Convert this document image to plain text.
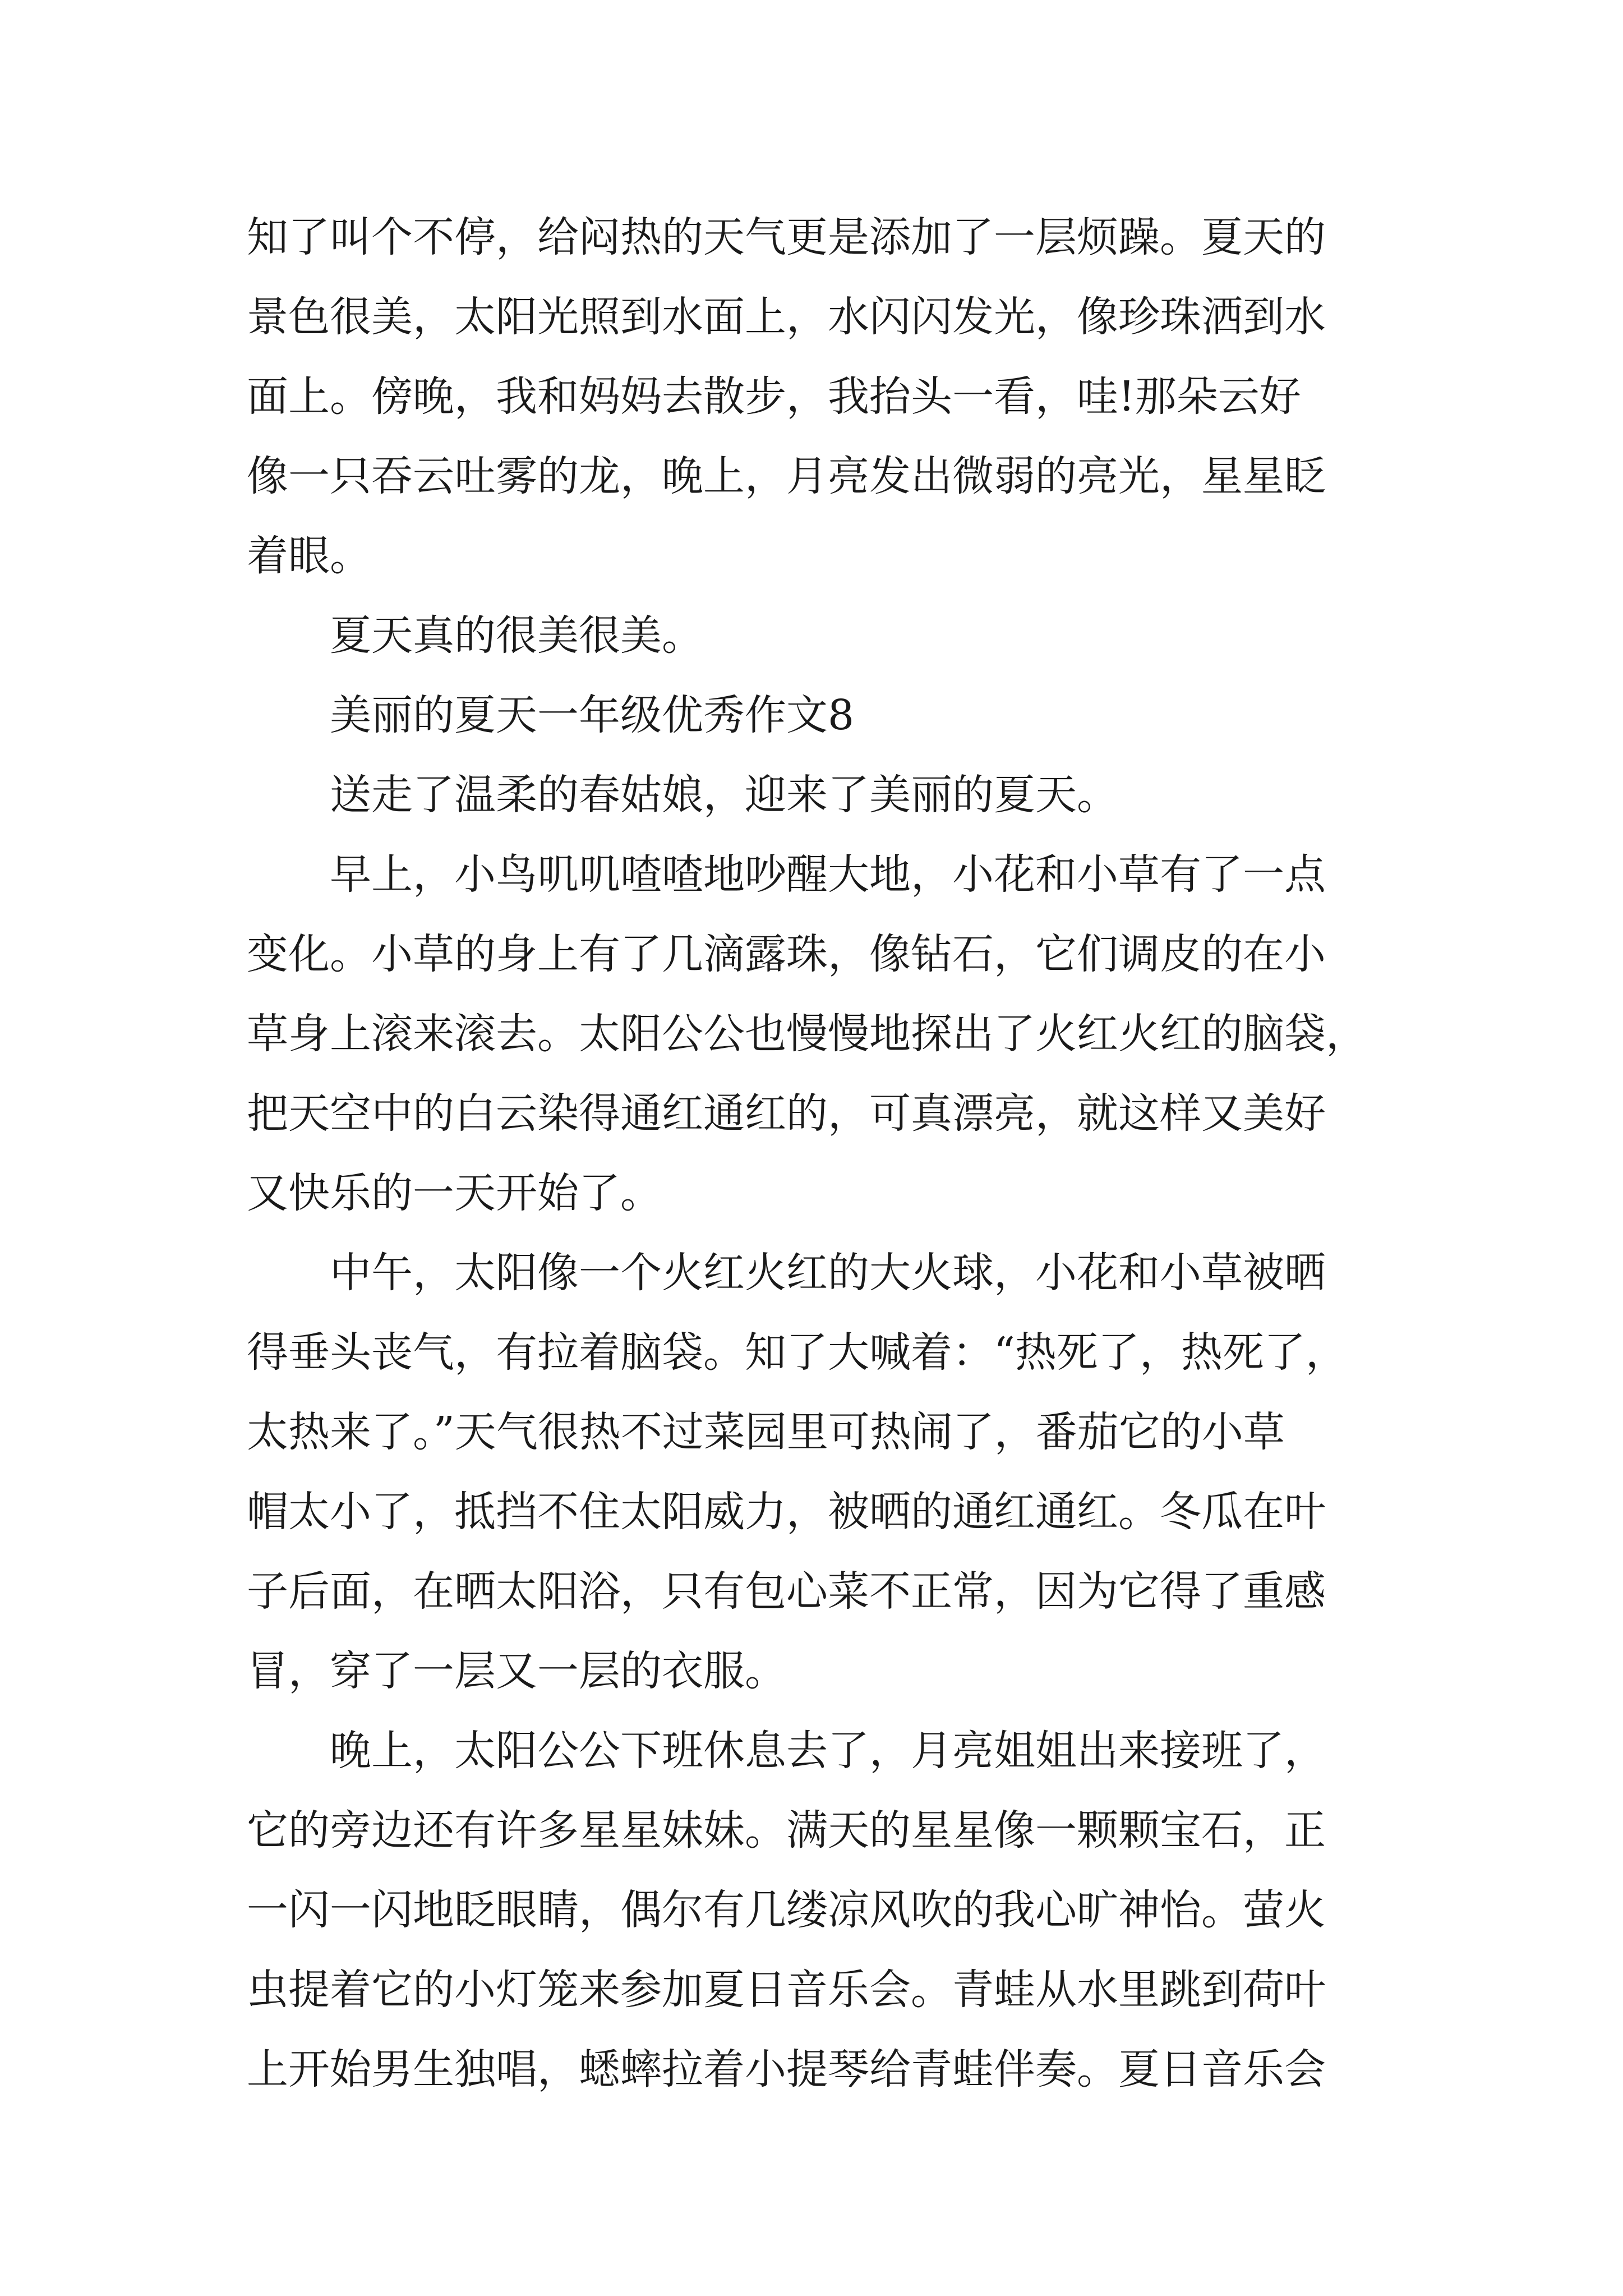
知了叫个不停，给闷热的天气更是添加了一层烦躁。夏天的
景色很美，太阳光照到水面上，水闪闪发光，像珍珠洒到水
面上。傍晚，我和妈妈去散步，我抬头一看，哇!那朵云好
像一只吞云吐雾的龙，晚上，月亮发出微弱的亮光，星星眨
着眼。
夏天真的很美很美。
美丽的夏天一年级优秀作文8
送走了温柔的春姑娘，迎来了美丽的夏天。
早上，小鸟叽叽喳喳地吵醒大地，小花和小草有了一点
变化。小草的身上有了几滴露珠，像钻石，它们调皮的在小
草身上滚来滚去。太阳公公也慢慢地探出了火红火红的脑袋，
把天空中的白云染得通红通红的，可真漂亮，就这样又美好
又快乐的一天开始了。
中午，太阳像一个火红火红的大火球，小花和小草被晒
得垂头丧气，有拉着脑袋。知了大喊着：“热死了，热死了，
太热来了。”天气很热不过菜园里可热闹了，番茄它的小草
帽太小了，抵挡不住太阳威力，被晒的通红通红。冬瓜在叶
子后面，在晒太阳浴，只有包心菜不正常，因为它得了重感
冒，穿了一层又一层的衣服。
晚上，太阳公公下班休息去了，月亮姐姐出来接班了，
它的旁边还有许多星星妹妹。满天的星星像一颗颗宝石，正
一闪一闪地眨眼睛，偶尔有几缕凉风吹的我心旷神怡。萤火
虫提着它的小灯笼来参加夏日音乐会。青蛙从水里跳到荷叶
上开始男生独唱，蟋蟀拉着小提琴给青蛙伴奏。夏日音乐会
